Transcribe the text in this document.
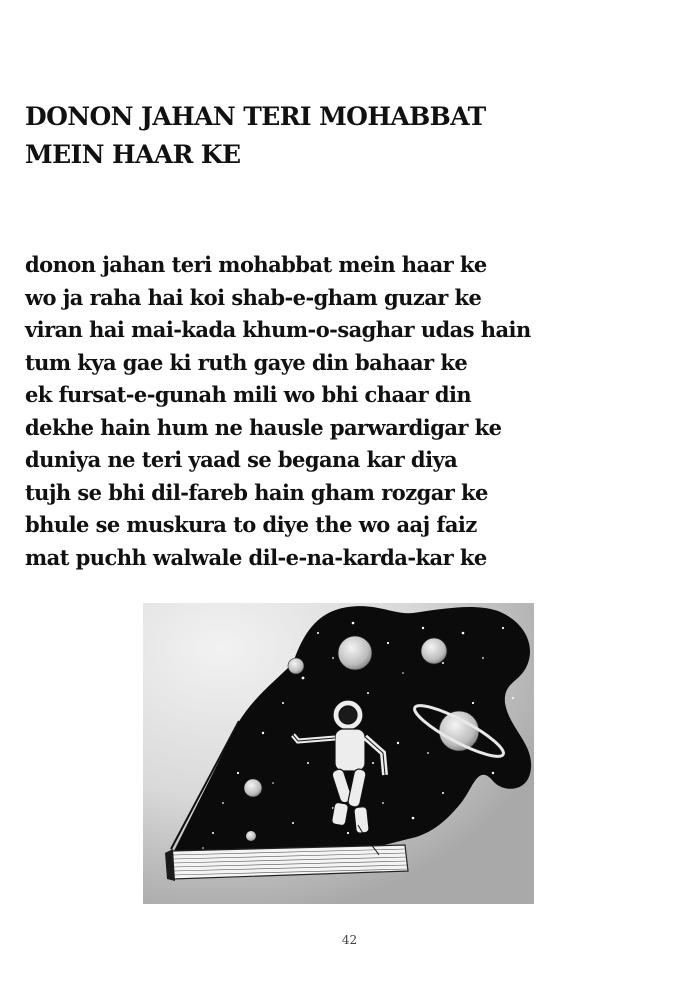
DONON JAHAN TERI MOHABBAT
MEIN HAAR KE
donon jahan teri mohabbat mein haar ke
wo ja raha hai koi shab-e-gham guzar ke
viran hai mai-kada khum-o-saghar udas hain
tum kya gae ki ruth gaye din bahaar ke
ek fursat-e-gunah mili wo bhi chaar din
dekhe hain hum ne hausle parwardigar ke
duniya ne teri yaad se begana kar diya
tujh se bhi dil-fareb hain gham rozgar ke
bhule se muskura to diye the wo aaj faiz
mat puchh walwale dil-e-na-karda-kar ke
42
